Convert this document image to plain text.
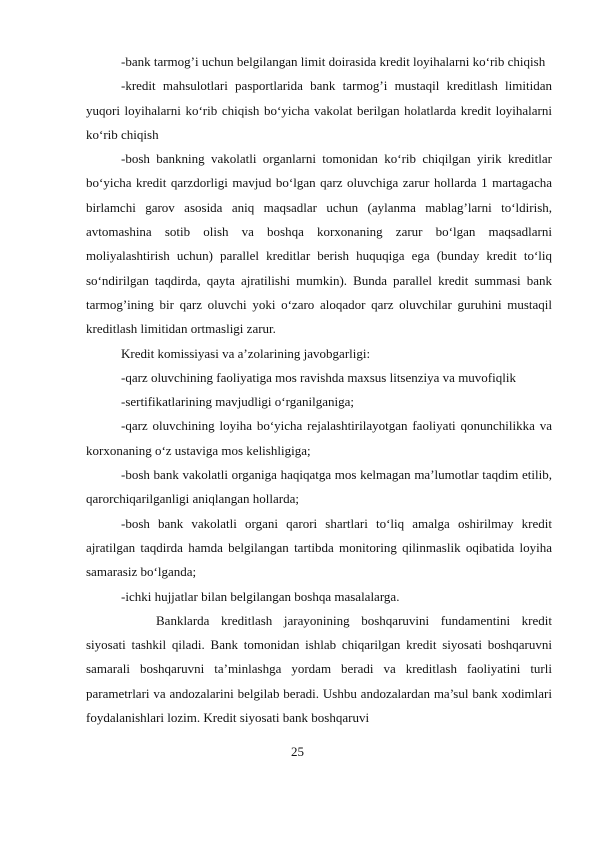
-bank tarmog’i uchun belgilangan limit doirasida kredit loyihalarni ko‘rib chiqish

-kredit mahsulotlari pasportlarida bank tarmog’i mustaqil kreditlash limitidan yuqori loyihalarni ko‘rib chiqish bo‘yicha vakolat berilgan holatlarda kredit loyihalarni ko‘rib chiqish

-bosh bankning vakolatli organlarni tomonidan ko‘rib chiqilgan yirik kreditlar bo‘yicha kredit qarzdorligi mavjud bo‘lgan qarz oluvchiga zarur hollarda 1 martagacha birlamchi garov asosida aniq maqsadlar uchun (aylanma mablag’larni to‘ldirish, avtomashina sotib olish va boshqa korxonaning zarur bo‘lgan maqsadlarni moliyalashtirish uchun) parallel kreditlar berish huquqiga ega (bunday kredit to‘liq so‘ndirilgan taqdirda, qayta ajratilishi mumkin). Bunda parallel kredit summasi bank tarmog’ining bir qarz oluvchi yoki o‘zaro aloqador qarz oluvchilar guruhini mustaqil kreditlash limitidan ortmasligi zarur.

Kredit komissiyasi va a’zolarining javobgarligi:

-qarz oluvchining faoliyatiga mos ravishda maxsus litsenziya va muvofiqlik

-sertifikatlarining mavjudligi o‘rganilganiga;

-qarz oluvchining loyiha bo‘yicha rejalashtirilayotgan faoliyati qonunchilikka va korxonaning o‘z ustaviga mos kelishligiga;

-bosh bank vakolatli organiga haqiqatga mos kelmagan ma’lumotlar taqdim etilib, qarorchiqarilganligi aniqlangan hollarda;

-bosh bank vakolatli organi qarori shartlari to‘liq amalga oshirilmay kredit ajratilgan taqdirda hamda belgilangan tartibda monitoring qilinmaslik oqibatida loyiha samarasiz bo‘lganda;

-ichki hujjatlar bilan belgilangan boshqa masalalarga.

Banklarda kreditlash jarayonining boshqaruvini fundamentini kredit siyosati tashkil qiladi. Bank tomonidan ishlab chiqarilgan kredit siyosati boshqaruvni samarali boshqaruvni ta’minlashga yordam beradi va kreditlash faoliyatini turli parametrlari va andozalarini belgilab beradi. Ushbu andozalardan ma’sul bank xodimlari foydalanishlari lozim. Kredit siyosati bank boshqaruvi

25
